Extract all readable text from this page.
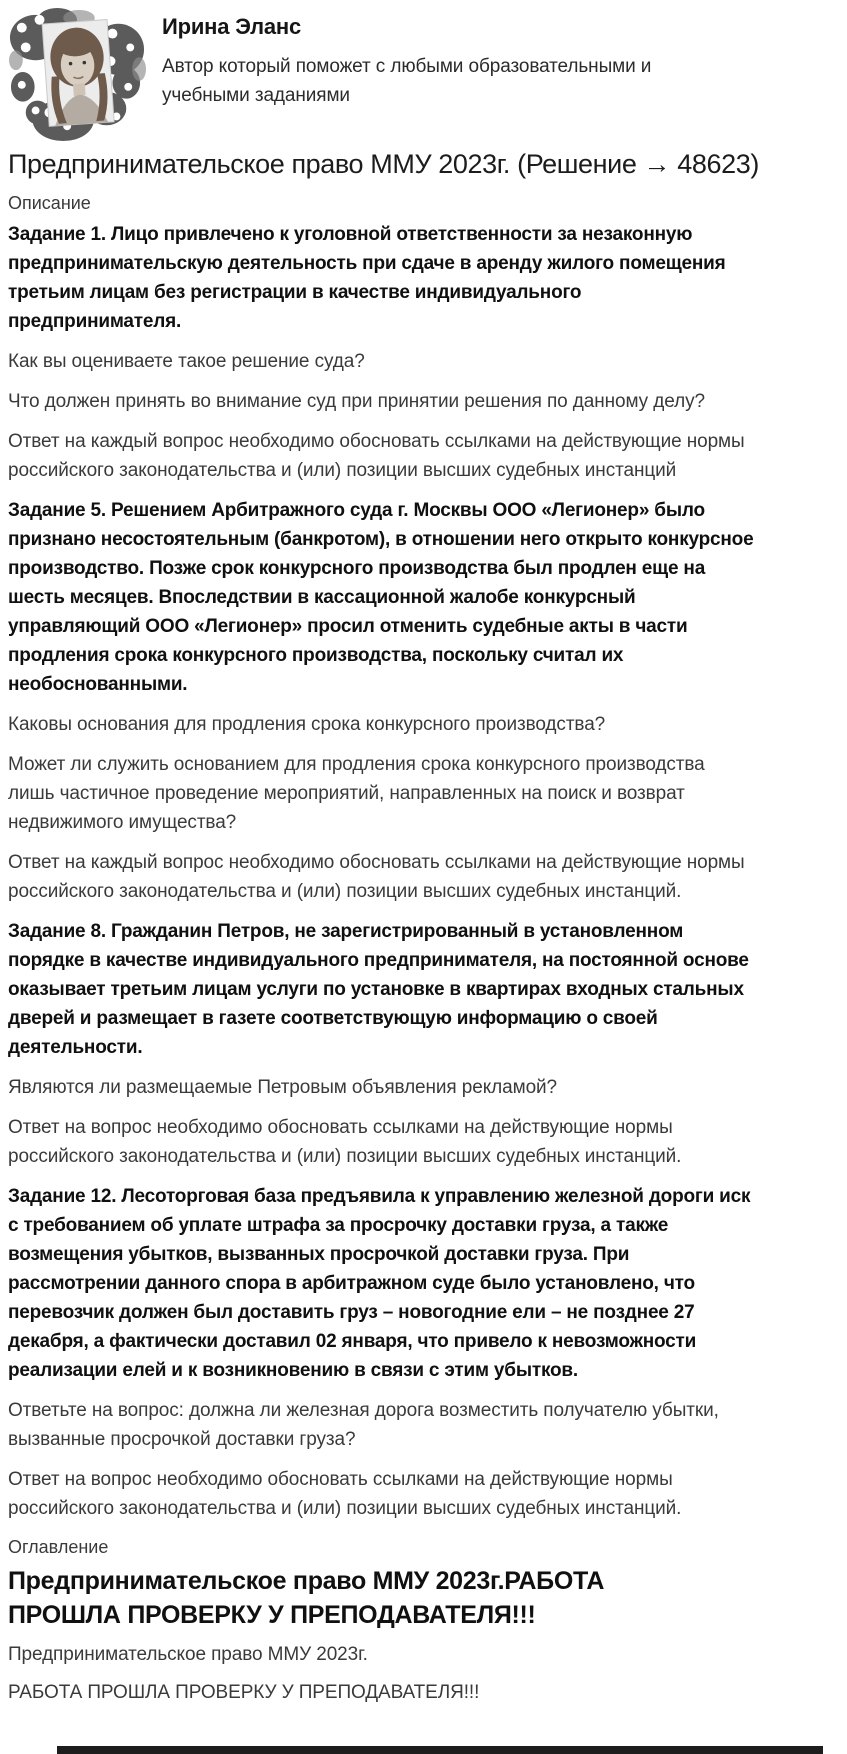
Ирина Эланс
Автор который поможет с любыми образовательными и учебными заданиями
Предпринимательское право ММУ 2023г. (Решение → 48623)
Описание

Задание 1. Лицо привлечено к уголовной ответственности за незаконную предпринимательскую деятельность при сдаче в аренду жилого помещения третьим лицам без регистрации в качестве индивидуального предпринимателя.

Как вы оцениваете такое решение суда?

Что должен принять во внимание суд при принятии решения по данному делу?

Ответ на каждый вопрос необходимо обосновать ссылками на действующие нормы российского законодательства и (или) позиции высших судебных инстанций

Задание 5. Решением Арбитражного суда г. Москвы ООО «Легионер» было признано несостоятельным (банкротом), в отношении него открыто конкурсное производство. Позже срок конкурсного производства был продлен еще на шесть месяцев. Впоследствии в кассационной жалобе конкурсный управляющий ООО «Легионер» просил отменить судебные акты в части продления срока конкурсного производства, поскольку считал их необоснованными.

Каковы основания для продления срока конкурсного производства?

Может ли служить основанием для продления срока конкурсного производства лишь частичное проведение мероприятий, направленных на поиск и возврат недвижимого имущества?

Ответ на каждый вопрос необходимо обосновать ссылками на действующие нормы российского законодательства и (или) позиции высших судебных инстанций.

Задание 8. Гражданин Петров, не зарегистрированный в установленном порядке в качестве индивидуального предпринимателя, на постоянной основе оказывает третьим лицам услуги по установке в квартирах входных стальных дверей и размещает в газете соответствующую информацию о своей деятельности.

Являются ли размещаемые Петровым объявления рекламой?

Ответ на вопрос необходимо обосновать ссылками на действующие нормы российского законодательства и (или) позиции высших судебных инстанций.

Задание 12. Лесоторговая база предъявила к управлению железной дороги иск с требованием об уплате штрафа за просрочку доставки груза, а также возмещения убытков, вызванных просрочкой доставки груза. При рассмотрении данного спора в арбитражном суде было установлено, что перевозчик должен был доставить груз – новогодние ели – не позднее 27 декабря, а фактически доставил 02 января, что привело к невозможности реализации елей и к возникновению в связи с этим убытков.

Ответьте на вопрос: должна ли железная дорога возместить получателю убытки, вызванные просрочкой доставки груза?

Ответ на вопрос необходимо обосновать ссылками на действующие нормы российского законодательства и (или) позиции высших судебных инстанций.

Оглавление
Предпринимательское право ММУ 2023г.РАБОТА ПРОШЛА ПРОВЕРКУ У ПРЕПОДАВАТЕЛЯ!!!

Предпринимательское право ММУ 2023г.

РАБОТА ПРОШЛА ПРОВЕРКУ У ПРЕПОДАВАТЕЛЯ!!!
